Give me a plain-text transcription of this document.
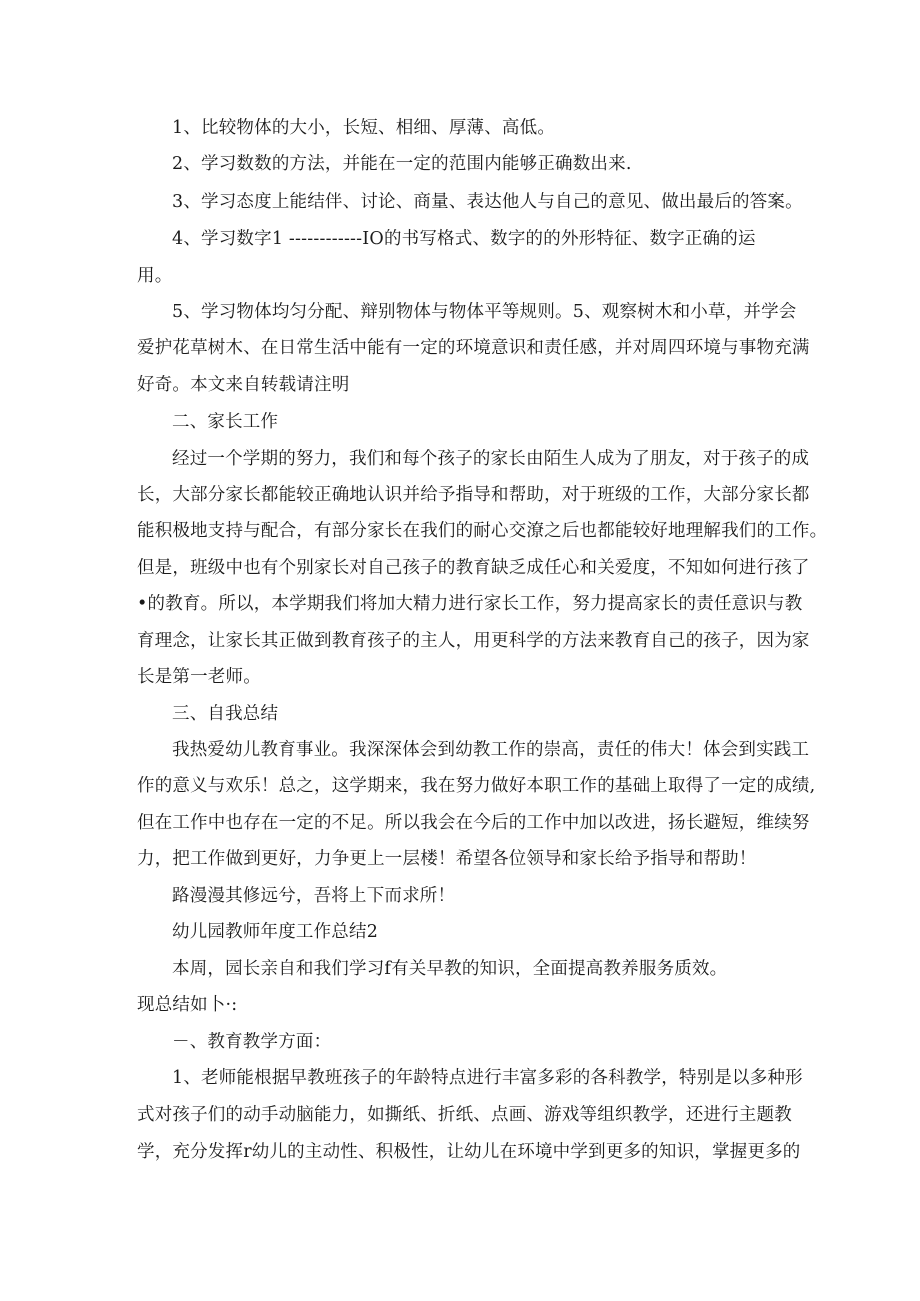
1、比较物体的大小，长短、相细、厚薄、高低。
2、学习数数的方法，并能在一定的范围内能够正确数出来.
3、学习态度上能结伴、讨论、商量、表达他人与自己的意见、做出最后的答案。
4、学习数字1 ------------IO的书写格式、数字的的外形特征、数字正确的运
用。
5、学习物体均匀分配、辩别物体与物体平等规则。5、观察树木和小草，并学会
爱护花草树木、在日常生活中能有一定的环境意识和责任感，并对周四环境与事物充满
好奇。本文来自转载请注明
二、家长工作
经过一个学期的努力，我们和每个孩子的家长由陌生人成为了朋友，对于孩子的成
长，大部分家长都能较正确地认识并给予指导和帮助，对于班级的工作，大部分家长都
能积极地支持与配合，有部分家长在我们的耐心交潦之后也都能较好地理解我们的工作。
但是，班级中也有个别家长对自己孩子的教育缺乏成任心和关爱度，不知如何进行孩了
•的教育。所以，本学期我们将加大精力进行家长工作，努力提高家长的责任意识与教
育理念，让家长其正做到教育孩子的主人，用更科学的方法来教育自己的孩子，因为家
长是第一老师。
三、自我总结
我热爱幼儿教育事业。我深深体会到幼教工作的崇高，责任的伟大！体会到实践工
作的意义与欢乐！总之，这学期来，我在努力做好本职工作的基础上取得了一定的成绩,
但在工作中也存在一定的不足。所以我会在今后的工作中加以改进，扬长避短，维续努
力，把工作做到更好，力争更上一层楼！希望各位领导和家长给予指导和帮助！
路漫漫其修远兮，吾将上下而求所！
幼儿园教师年度工作总结2
本周，园长亲自和我们学习f有关早教的知识，全面提高教养服务质效。
现总结如卜·:
－、教育教学方面：
1、老师能根据早教班孩子的年龄特点进行丰富多彩的各科教学，特别是以多种形
式对孩子们的动手动脑能力，如撕纸、折纸、点画、游戏等组织教学，还进行主题教
学，充分发挥r幼儿的主动性、积极性，让幼儿在环境中学到更多的知识，掌握更多的
